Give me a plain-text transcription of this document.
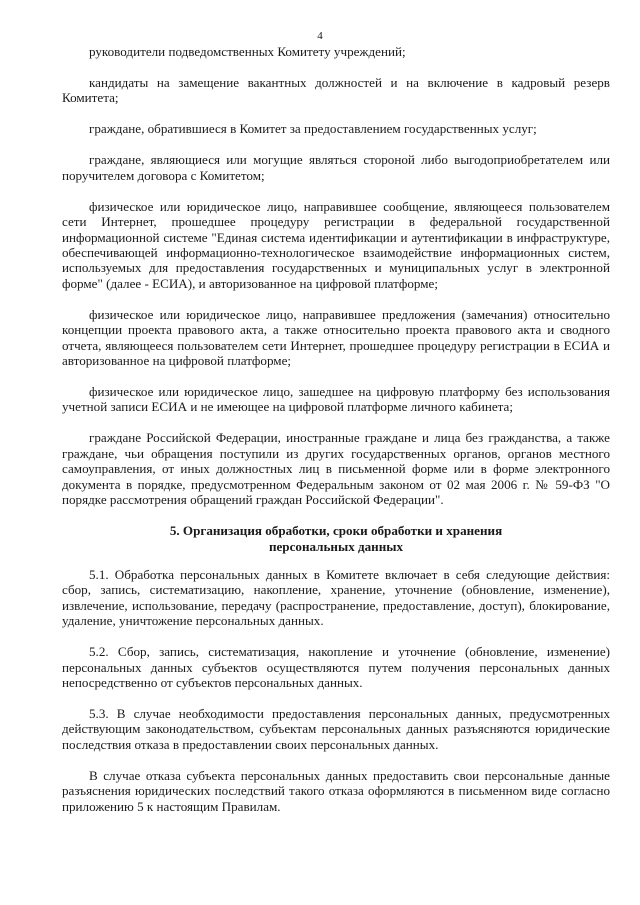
4

руководители подведомственных Комитету учреждений;

кандидаты на замещение вакантных должностей и на включение в кадровый резерв Комитета;

граждане, обратившиеся в Комитет за предоставлением государственных услуг;

граждане, являющиеся или могущие являться стороной либо выгодоприобретателем или поручителем договора с Комитетом;

физическое или юридическое лицо, направившее сообщение, являющееся пользователем сети Интернет, прошедшее процедуру регистрации в федеральной государственной информационной системе "Единая система идентификации и аутентификации в инфраструктуре, обеспечивающей информационно-технологическое взаимодействие информационных систем, используемых для предоставления государственных и муниципальных услуг в электронной форме" (далее - ЕСИА), и авторизованное на цифровой платформе;

физическое или юридическое лицо, направившее предложения (замечания) относительно концепции проекта правового акта, а также относительно проекта правового акта и сводного отчета, являющееся пользователем сети Интернет, прошедшее процедуру регистрации в ЕСИА и авторизованное на цифровой платформе;

физическое или юридическое лицо, зашедшее на цифровую платформу без использования учетной записи ЕСИА и не имеющее на цифровой платформе личного кабинета;

граждане Российской Федерации, иностранные граждане и лица без гражданства, а также граждане, чьи обращения поступили из других государственных органов, органов местного самоуправления, от иных должностных лиц в письменной форме или в форме электронного документа в порядке, предусмотренном Федеральным законом от 02 мая 2006 г. № 59-ФЗ "О порядке рассмотрения обращений граждан Российской Федерации".

5. Организация обработки, сроки обработки и хранения
персональных данных

5.1. Обработка персональных данных в Комитете включает в себя следующие действия: сбор, запись, систематизацию, накопление, хранение, уточнение (обновление, изменение), извлечение, использование, передачу (распространение, предоставление, доступ), блокирование, удаление, уничтожение персональных данных.

5.2. Сбор, запись, систематизация, накопление и уточнение (обновление, изменение) персональных данных субъектов осуществляются путем получения персональных данных непосредственно от субъектов персональных данных.

5.3. В случае необходимости предоставления персональных данных, предусмотренных действующим законодательством, субъектам персональных данных разъясняются юридические последствия отказа в предоставлении своих персональных данных.

В случае отказа субъекта персональных данных предоставить свои персональные данные разъяснения юридических последствий такого отказа оформляются в письменном виде согласно приложению 5 к настоящим Правилам.
